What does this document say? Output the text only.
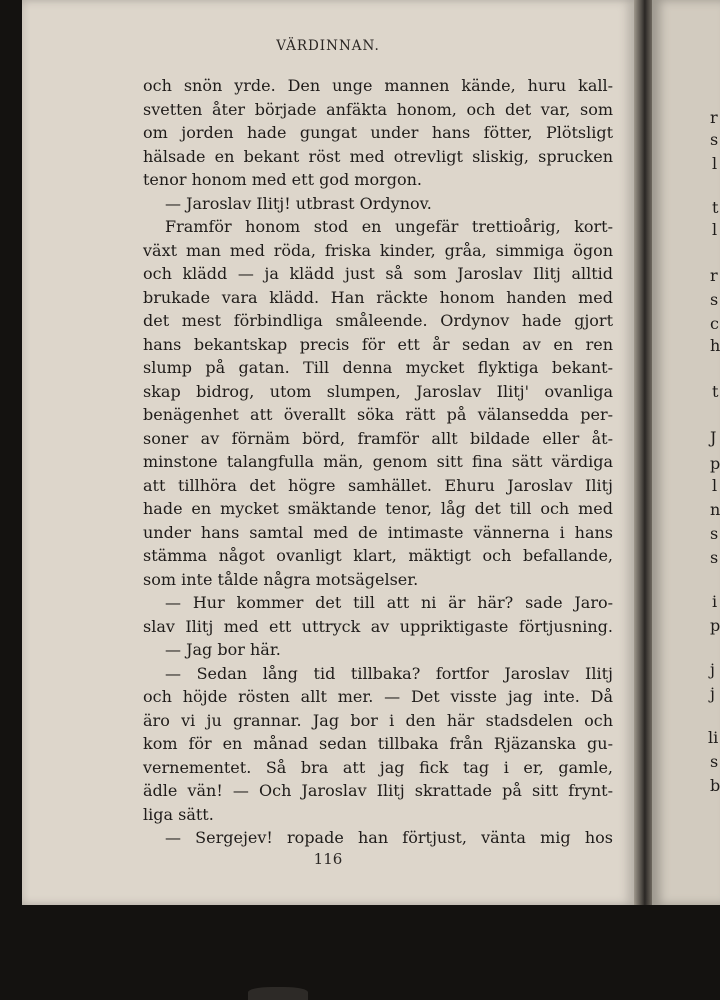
VÄRDINNAN.
och snön yrde. Den unge mannen kände, huru kall-
svetten åter började anfäkta honom, och det var, som
om jorden hade gungat under hans fötter, Plötsligt
hälsade en bekant röst med otrevligt sliskig, sprucken
tenor honom med ett god morgon.
— Jaroslav Ilitj! utbrast Ordynov.
Framför honom stod en ungefär trettioårig, kort-
växt man med röda, friska kinder, gråa, simmiga ögon
och klädd — ja klädd just så som Jaroslav Ilitj alltid
brukade vara klädd. Han räckte honom handen med
det mest förbindliga småleende. Ordynov hade gjort
hans bekantskap precis för ett år sedan av en ren
slump på gatan. Till denna mycket flyktiga bekant-
skap bidrog, utom slumpen, Jaroslav Ilitj' ovanliga
benägenhet att överallt söka rätt på välansedda per-
soner av förnäm börd, framför allt bildade eller åt-
minstone talangfulla män, genom sitt fina sätt värdiga
att tillhöra det högre samhället. Ehuru Jaroslav Ilitj
hade en mycket smäktande tenor, låg det till och med
under hans samtal med de intimaste vännerna i hans
stämma något ovanligt klart, mäktigt och befallande,
som inte tålde några motsägelser.
— Hur kommer det till att ni är här? sade Jaro-
slav Ilitj med ett uttryck av uppriktigaste förtjusning.
— Jag bor här.
— Sedan lång tid tillbaka? fortfor Jaroslav Ilitj
och höjde rösten allt mer. — Det visste jag inte. Då
äro vi ju grannar. Jag bor i den här stadsdelen och
kom för en månad sedan tillbaka från Rjäzanska gu-
vernementet. Så bra att jag fick tag i er, gamle,
ädle vän! — Och Jaroslav Ilitj skrattade på sitt frynt-
liga sätt.
— Sergejev! ropade han förtjust, vänta mig hos
116
r
s
l
t
l
r
s
c
h
t
J
p
l
n
s
s
i
p
j
j
li
s
b
